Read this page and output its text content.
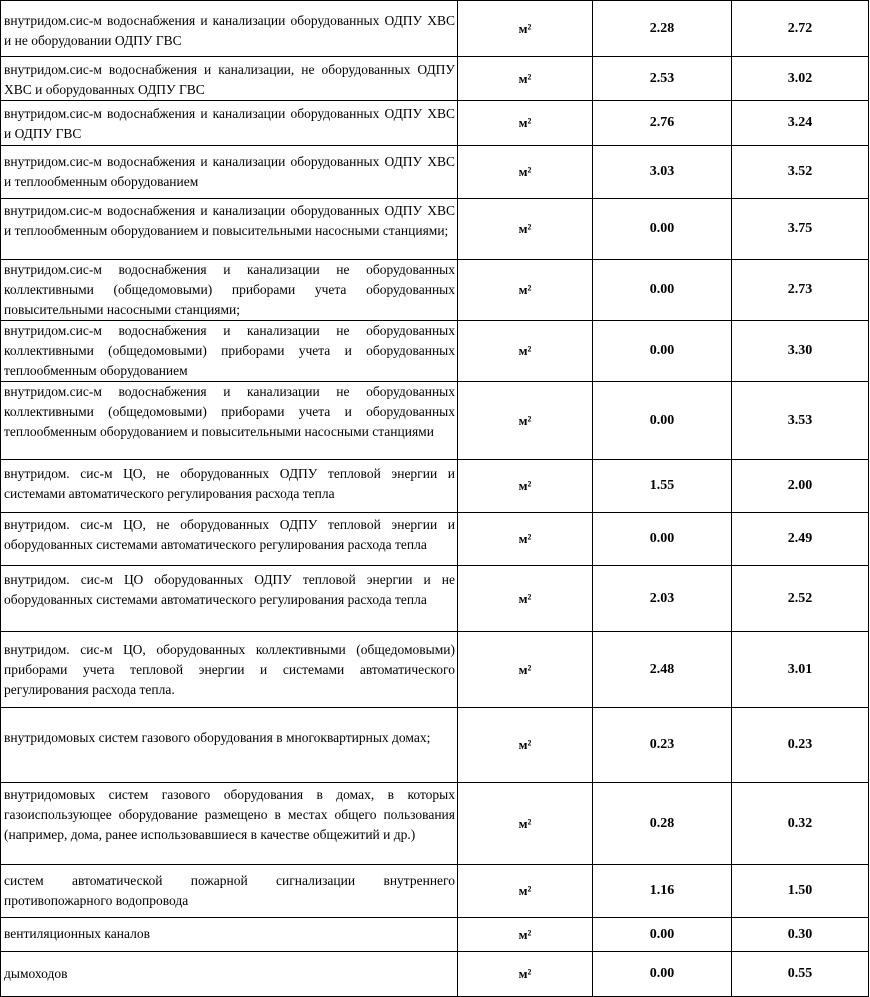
внутридом.сис-м водоснабжения и канализации оборудованных ОДПУ ХВС и не оборудовании ОДПУ ГВС	м²	2.28	2.72
внутридом.сис-м водоснабжения и канализации, не оборудованных ОДПУ ХВС и оборудованных ОДПУ ГВС	м²	2.53	3.02
внутридом.сис-м водоснабжения и канализации оборудованных ОДПУ ХВС и ОДПУ ГВС	м²	2.76	3.24
внутридом.сис-м водоснабжения и канализации оборудованных ОДПУ ХВС и теплообменным оборудованием	м²	3.03	3.52
внутридом.сис-м водоснабжения и канализации оборудованных ОДПУ ХВС и теплообменным оборудованием и повысительными насосными станциями;	м²	0.00	3.75
внутридом.сис-м водоснабжения и канализации не оборудованных коллективными (общедомовыми) приборами учета оборудованных повысительными насосными станциями;	м²	0.00	2.73
внутридом.сис-м водоснабжения и канализации не оборудованных коллективными (общедомовыми) приборами учета и оборудованных теплообменным оборудованием	м²	0.00	3.30
внутридом.сис-м водоснабжения и канализации не оборудованных коллективными (общедомовыми) приборами учета и оборудованных теплообменным оборудованием и повысительными насосными станциями	м²	0.00	3.53
внутридом. сис-м ЦО, не оборудованных ОДПУ тепловой энергии и системами автоматического регулирования расхода тепла	м²	1.55	2.00
внутридом. сис-м ЦО, не оборудованных ОДПУ тепловой энергии и оборудованных системами автоматического регулирования расхода тепла	м²	0.00	2.49
внутридом. сис-м ЦО оборудованных ОДПУ тепловой энергии и не оборудованных системами автоматического регулирования расхода тепла	м²	2.03	2.52
внутридом. сис-м ЦО, оборудованных коллективными (общедомовыми) приборами учета тепловой энергии и системами автоматического регулирования расхода тепла.	м²	2.48	3.01
внутридомовых систем газового оборудования в многоквартирных домах;	м²	0.23	0.23
внутридомовых систем газового оборудования в домах, в которых газоиспользующее оборудование размещено в местах общего пользования (например, дома, ранее использовавшиеся в качестве общежитий и др.)	м²	0.28	0.32
систем автоматической пожарной сигнализации внутреннего противопожарного водопровода	м²	1.16	1.50
вентиляционных каналов	м²	0.00	0.30
дымоходов	м²	0.00	0.55
